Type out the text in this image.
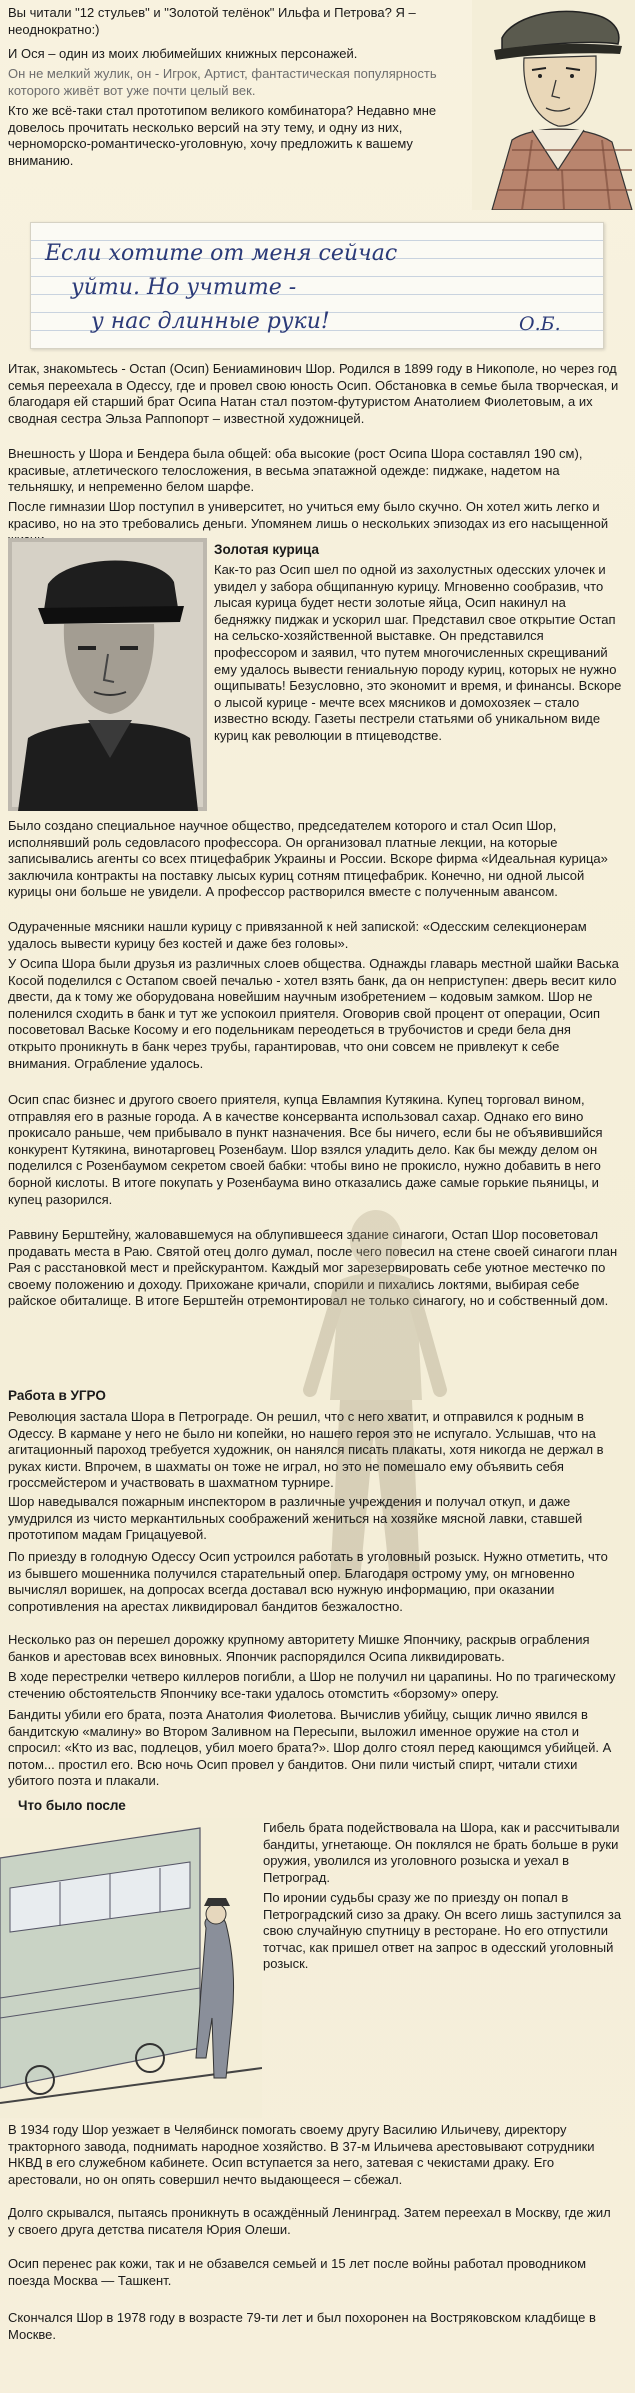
Вы читали "12 стульев" и "Золотой телёнок" Ильфа и Петрова? Я – неоднократно:)

И Ося – один из моих любимейших книжных персонажей.

Он не мелкий жулик, он - Игрок, Артист, фантастическая популярность которого живёт вот уже почти целый век.

Кто же всё-таки стал прототипом великого комбинатора? Недавно мне довелось прочитать несколько версий на эту тему, и одну из них, черноморско-романтическо-уголовную, хочу предложить к вашему вниманию.

Если хотите от меня сейчас
уйти. Но учтите -
у нас длинные руки!	О.Б.

Итак, знакомьтесь - Остап (Осип) Бениаминович Шор. Родился в 1899 году в Никополе, но через год семья переехала в Одессу, где и провел свою юность Осип. Обстановка в семье была творческая, и благодаря ей старший брат Осипа Натан стал поэтом-футуристом Анатолием Фиолетовым, а их сводная сестра Эльза Раппопорт – известной художницей.

Внешность у Шора и Бендера была общей: оба высокие (рост Осипа Шора составлял 190 см), красивые, атлетического телосложения, в весьма эпатажной одежде: пиджаке, надетом на тельняшку, и непременно белом шарфе.

После гимназии Шор поступил в университет, но учиться ему было скучно. Он хотел жить легко и красиво, но на это требовались деньги. Упомянем лишь о нескольких эпизодах из его насыщенной

Золотая курица

Как-то раз Осип шел по одной из захолустных одесских улочек и увидел у забора общипанную курицу. Мгновенно сообразив, что лысая курица будет нести золотые яйца, Осип накинул на бедняжку пиджак и ускорил шаг. Представил свое открытие Остап на сельско-хозяйственной выставке. Он представился профессором и заявил, что путем многочисленных скрещиваний ему удалось вывести гениальную породу куриц, которых не нужно ощипывать! Безусловно, это экономит и время, и финансы. Вскоре о лысой курице - мечте всех мясников и домохозяек – стало известно всюду. Газеты пестрели статьями об уникальном виде куриц как революции в птицеводстве.

Было создано специальное научное общество, председателем которого и стал Осип Шор, исполнявший роль седовласого профессора. Он организовал платные лекции, на которые записывались агенты со всех птицефабрик Украины и России. Вскоре фирма «Идеальная курица» заключила контракты на поставку лысых куриц сотням птицефабрик. Конечно, ни одной лысой курицы они больше не увидели. А профессор растворился вместе с полученным авансом.

Одураченные мясники нашли курицу с привязанной к ней запиской: «Одесским селекционерам удалось вывести курицу без костей и даже без головы».

У Осипа Шора были друзья из различных слоев общества. Однажды главарь местной шайки Васька Косой поделился с Остапом своей печалью - хотел взять банк, да он неприступен: дверь весит кило двести, да к тому же оборудована новейшим научным изобретением – кодовым замком. Шор не поленился сходить в банк и тут же успокоил приятеля. Оговорив свой процент от операции, Осип посоветовал Ваське Косому и его подельникам переодеться в трубочистов и среди бела дня открыто проникнуть в банк через трубы, гарантировав, что они совсем не привлекут к себе внимания. Ограбление удалось.

Осип спас бизнес и другого своего приятеля, купца Евлампия Кутякина. Купец торговал вином, отправляя его в разные города. А в качестве консерванта использовал сахар. Однако его вино прокисало раньше, чем прибывало в пункт назначения. Все бы ничего, если бы не объявившийся конкурент Кутякина, винотарговец Розенбаум. Шор взялся уладить дело. Как бы между делом он поделился с Розенбаумом секретом своей бабки: чтобы вино не прокисло, нужно добавить в него борной кислоты. В итоге покупать у Розенбаума вино отказались даже самые горькие пьяницы, и купец разорился.

Раввину Берштейну, жаловавшемуся на облупившееся здание синагоги, Остап Шор посоветовал продавать места в Раю. Святой отец долго думал, после чего повесил на стене своей синагоги план Рая с расстановкой мест и прейскурантом. Каждый мог зарезервировать себе уютное местечко по своему положению и доходу. Прихожане кричали, спорили и пихались локтями, выбирая себе райское обиталище. В итоге Берштейн отремонтировал не только синагогу, но и собственный дом.

Работа в УГРО

Революция застала Шора в Петрограде. Он решил, что с него хватит, и отправился к родным в Одессу. В кармане у него не было ни копейки, но нашего героя это не испугало. Услышав, что на агитационный пароход требуется художник, он нанялся писать плакаты, хотя никогда не держал в руках кисти. Впрочем, в шахматы он тоже не играл, но это не помешало ему объявить себя гроссмейстером и участвовать в шахматном турнире.

Шор наведывался пожарным инспектором в различные учреждения и получал откуп, и даже умудрился из чисто меркантильных соображений жениться на хозяйке мясной лавки, ставшей прототипом мадам Грицацуевой.

По приезду в голодную Одессу Осип устроился работать в уголовный розыск. Нужно отметить, что из бывшего мошенника получился старательный опер. Благодаря острому уму, он мгновенно вычислял воришек, на допросах всегда доставал всю нужную информацию, при оказании сопротивления на арестах ликвидировал бандитов безжалостно.

Несколько раз он перешел дорожку крупному авторитету Мишке Япончику, раскрыв ограбления банков и арестовав всех виновных. Япончик распорядился Осипа ликвидировать.

В ходе перестрелки четверо киллеров погибли, а Шор не получил ни царапины. Но по трагическому стечению обстоятельств Япончику все-таки удалось отомстить «борзому» оперу.

Бандиты убили его брата, поэта Анатолия Фиолетова. Вычислив убийцу, сыщик лично явился в бандитскую «малину» во Втором Заливном на Пересыпи, выложил именное оружие на стол и спросил: «Кто из вас, подлецов, убил моего брата?». Шор долго стоял перед кающимся убийцей. А потом... простил его. Всю ночь Осип провел у бандитов. Они пили чистый спирт, читали стихи убитого поэта и плакали.

Что было после

Гибель брата подействовала на Шора, как и рассчитывали бандиты, угнетающе. Он поклялся не брать больше в руки оружия, уволился из уголовного розыска и уехал в Петроград.

По иронии судьбы сразу же по приезду он попал в Петроградский сизо за драку. Он всего лишь заступился за свою случайную спутницу в ресторане. Но его отпустили тотчас, как пришел ответ на запрос в одесский уголовный розыск.

В 1934 году Шор уезжает в Челябинск помогать своему другу Василию Ильичеву, директору тракторного завода, поднимать народное хозяйство. В 37-м Ильичева арестовывают сотрудники НКВД в его служебном кабинете. Осип вступается за него, затевая с чекистами драку. Его арестовали, но он опять совершил нечто выдающееся – сбежал.

Долго скрывался, пытаясь проникнуть в осаждённый Ленинград. Затем переехал в Москву, где жил у своего друга детства писателя Юрия Олеши.

Осип перенес рак кожи, так и не обзавелся семьей и 15 лет после войны работал проводником поезда Москва — Ташкент.

Скончался Шор в 1978 году в возрасте 79-ти лет и был похоронен на Востряковском кладбище в Москве.
